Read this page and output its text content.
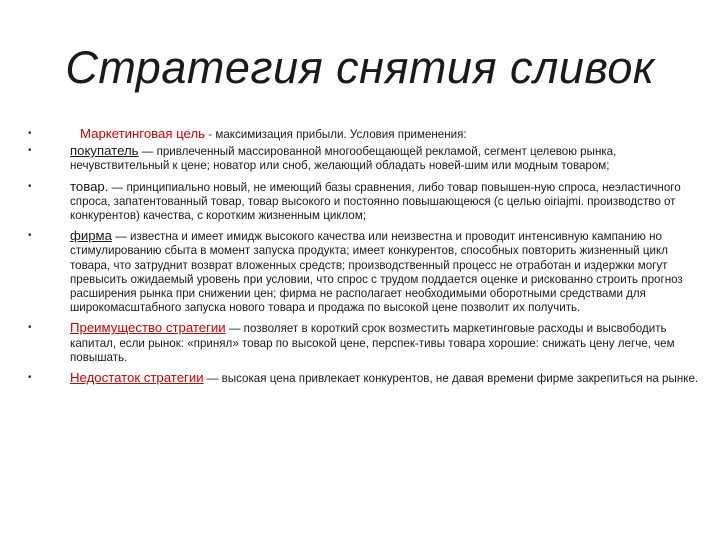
Стратегия снятия сливок
•	Маркетинговая цель - максимизация прибыли. Условия применения:
•	покупатель — привлеченный массированной многообещающей рекламой, сегмент целевою рынка, нечувствительный к цене; новатор или сноб, желающий обладать новей-шим или модным товаром;
•	товар. — принципиально новый, не имеющий базы сравнения, либо товар повышен-ную спроса, неэластичного спроса, запатентованный товар, товар высокого и постоянно повышающеюся (с целью оiriajmi. производство от конкурентов) качества, с коротким жизненным циклом;
•	фирма — известна и имеет имидж высокого качества или неизвестна и проводит интенсивную кампанию но стимулированию сбыта в момент запуска продукта; имеет конкурентов, способных повторить жизненный цикл товара, что затруднит возврат вложенных средств; производственный процесс не отработан и издержки могут превысить ожидаемый уровень при условии, что спрос с трудом поддается оценке и рискованно строить прогноз расширения рынка при снижении цен; фирма не располагает необходимыми оборотными средствами для широкомасштабного запуска нового товара и продажа по высокой цене позволит их получить.
•	Преимущество стратегии — позволяет в короткий срок возместить маркетинговые расходы и высвободить капитал, если рынок: «принял» товар по высокой цене, перспек-тивы товара хорошие: снижать цену легче, чем повышать.
•	Недостаток стратегии — высокая цена привлекает конкурентов, не давая времени фирме закрепиться на рынке.
